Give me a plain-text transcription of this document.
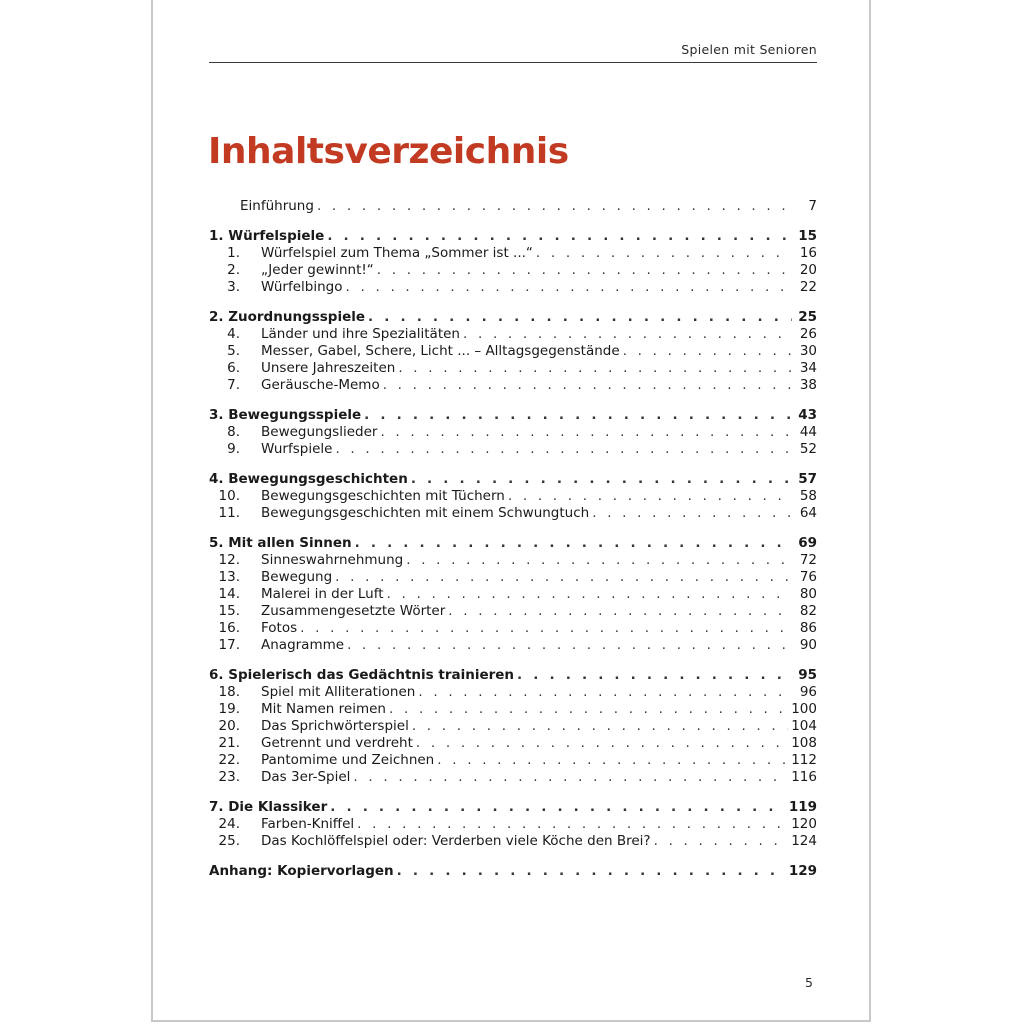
Spielen mit Senioren
Inhaltsverzeichnis
Einführung . . .	7
1. Würfelspiele . . .	15
1. Würfelspiel zum Thema „Sommer ist ...“ . . .	16
2. „Jeder gewinnt!“ . . .	20
3. Würfelbingo . . .	22
2. Zuordnungsspiele . . .	25
4. Länder und ihre Spezialitäten . . .	26
5. Messer, Gabel, Schere, Licht ... – Alltagsgegenstände . . .	30
6. Unsere Jahreszeiten . . .	34
7. Geräusche-Memo . . .	38
3. Bewegungsspiele . . .	43
8. Bewegungslieder . . .	44
9. Wurfspiele . . .	52
4. Bewegungsgeschichten . . .	57
10. Bewegungsgeschichten mit Tüchern . . .	58
11. Bewegungsgeschichten mit einem Schwungtuch . . .	64
5. Mit allen Sinnen . . .	69
12. Sinneswahrnehmung . . .	72
13. Bewegung . . .	76
14. Malerei in der Luft . . .	80
15. Zusammengesetzte Wörter . . .	82
16. Fotos . . .	86
17. Anagramme . . .	90
6. Spielerisch das Gedächtnis trainieren . . .	95
18. Spiel mit Alliterationen . . .	96
19. Mit Namen reimen . . .	100
20. Das Sprichwörterspiel . . .	104
21. Getrennt und verdreht . . .	108
22. Pantomime und Zeichnen . . .	112
23. Das 3er-Spiel . . .	116
7. Die Klassiker . . .	119
24. Farben-Kniffel . . .	120
25. Das Kochlöffelspiel oder: Verderben viele Köche den Brei? . . .	124
Anhang: Kopiervorlagen . . .	129
5
